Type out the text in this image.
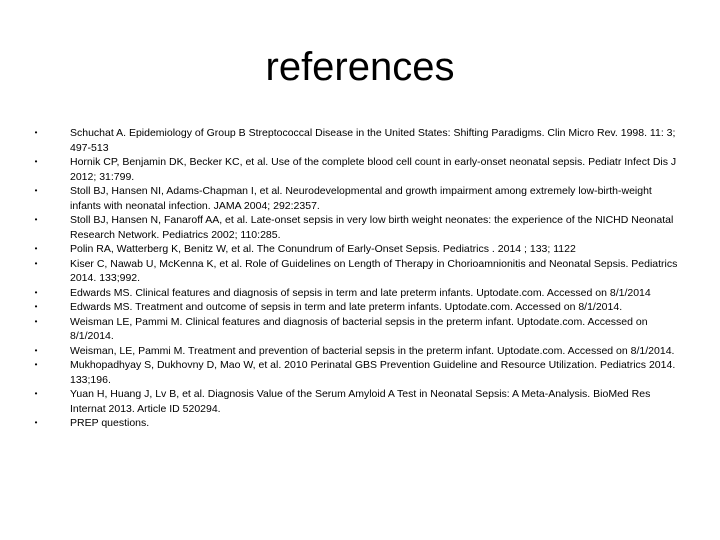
references
•	Schuchat A. Epidemiology of Group B Streptococcal Disease in the United States: Shifting Paradigms. Clin Micro Rev. 1998. 11: 3; 497-513
•	Hornik CP, Benjamin DK, Becker KC, et al. Use of the complete blood cell count in early-onset neonatal sepsis. Pediatr Infect Dis J 2012; 31:799.
•	Stoll BJ, Hansen NI, Adams-Chapman I, et al. Neurodevelopmental and growth impairment among extremely low-birth-weight infants with neonatal infection. JAMA 2004; 292:2357.
•	Stoll BJ, Hansen N, Fanaroff AA, et al. Late-onset sepsis in very low birth weight neonates: the experience of the NICHD Neonatal Research Network. Pediatrics 2002; 110:285.
•	Polin RA, Watterberg K, Benitz W, et al. The Conundrum of Early-Onset Sepsis. Pediatrics . 2014 ; 133; 1122
•	Kiser C, Nawab U, McKenna K, et al. Role of Guidelines on Length of Therapy in Chorioamnionitis and Neonatal Sepsis. Pediatrics 2014. 133;992.
•	Edwards MS. Clinical features and diagnosis of sepsis in term and late preterm infants. Uptodate.com. Accessed on 8/1/2014
•	Edwards MS. Treatment and outcome of sepsis in term and late preterm infants. Uptodate.com. Accessed on 8/1/2014.
•	Weisman LE, Pammi M. Clinical features and diagnosis of bacterial sepsis in the preterm infant. Uptodate.com. Accessed on 8/1/2014.
•	Weisman, LE, Pammi M. Treatment and prevention of bacterial sepsis in the preterm infant. Uptodate.com. Accessed on 8/1/2014.
•	Mukhopadhyay S, Dukhovny D, Mao W, et al. 2010 Perinatal GBS Prevention Guideline and Resource Utilization. Pediatrics 2014. 133;196.
•	Yuan H, Huang J, Lv B, et al. Diagnosis Value of the Serum Amyloid A Test in Neonatal Sepsis: A Meta-Analysis. BioMed Res Internat 2013. Article ID 520294.
•	PREP questions.
